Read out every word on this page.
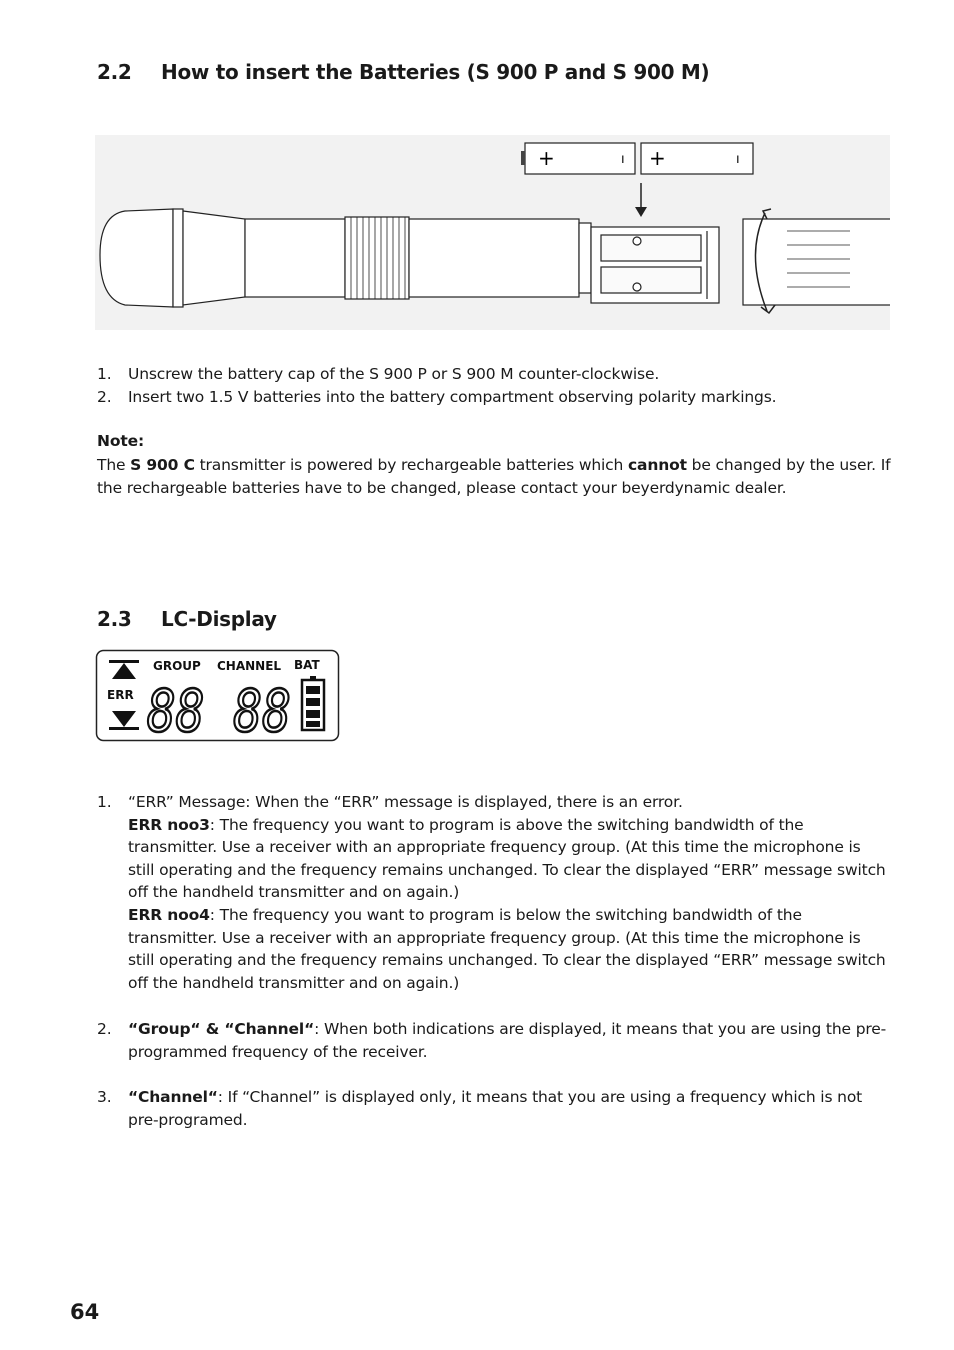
2.2 How to insert the Batteries (S 900 P and S 900 M)
+	ı +	ı
1. Unscrew the battery cap of the S 900 P or S 900 M counter-clockwise.
2. Insert two 1.5 V batteries into the battery compartment observing polarity markings.
Note:
The S 900 C transmitter is powered by rechargeable batteries which cannot be changed by the user. If the rechargeable batteries have to be changed, please contact your beyerdynamic dealer.
2.3 LC-Display
ERR
GROUP CHANNEL BAT
88 88
1. “ERR” Message: When the “ERR” message is displayed, there is an error.
ERR noo3: The frequency you want to program is above the switching bandwidth of the transmitter. Use a receiver with an appropriate frequency group. (At this time the microphone is still operating and the frequency remains unchanged. To clear the displayed “ERR” message switch off the handheld transmitter and on again.)
ERR noo4: The frequency you want to program is below the switching bandwidth of the transmitter. Use a receiver with an appropriate frequency group. (At this time the microphone is still operating and the frequency remains unchanged. To clear the displayed “ERR” message switch off the handheld transmitter and on again.)
2. “Group“ & “Channel“: When both indications are displayed, it means that you are using the pre-programmed frequency of the receiver.
3. “Channel“: If “Channel” is displayed only, it means that you are using a frequency which is not pre-programed.
64
